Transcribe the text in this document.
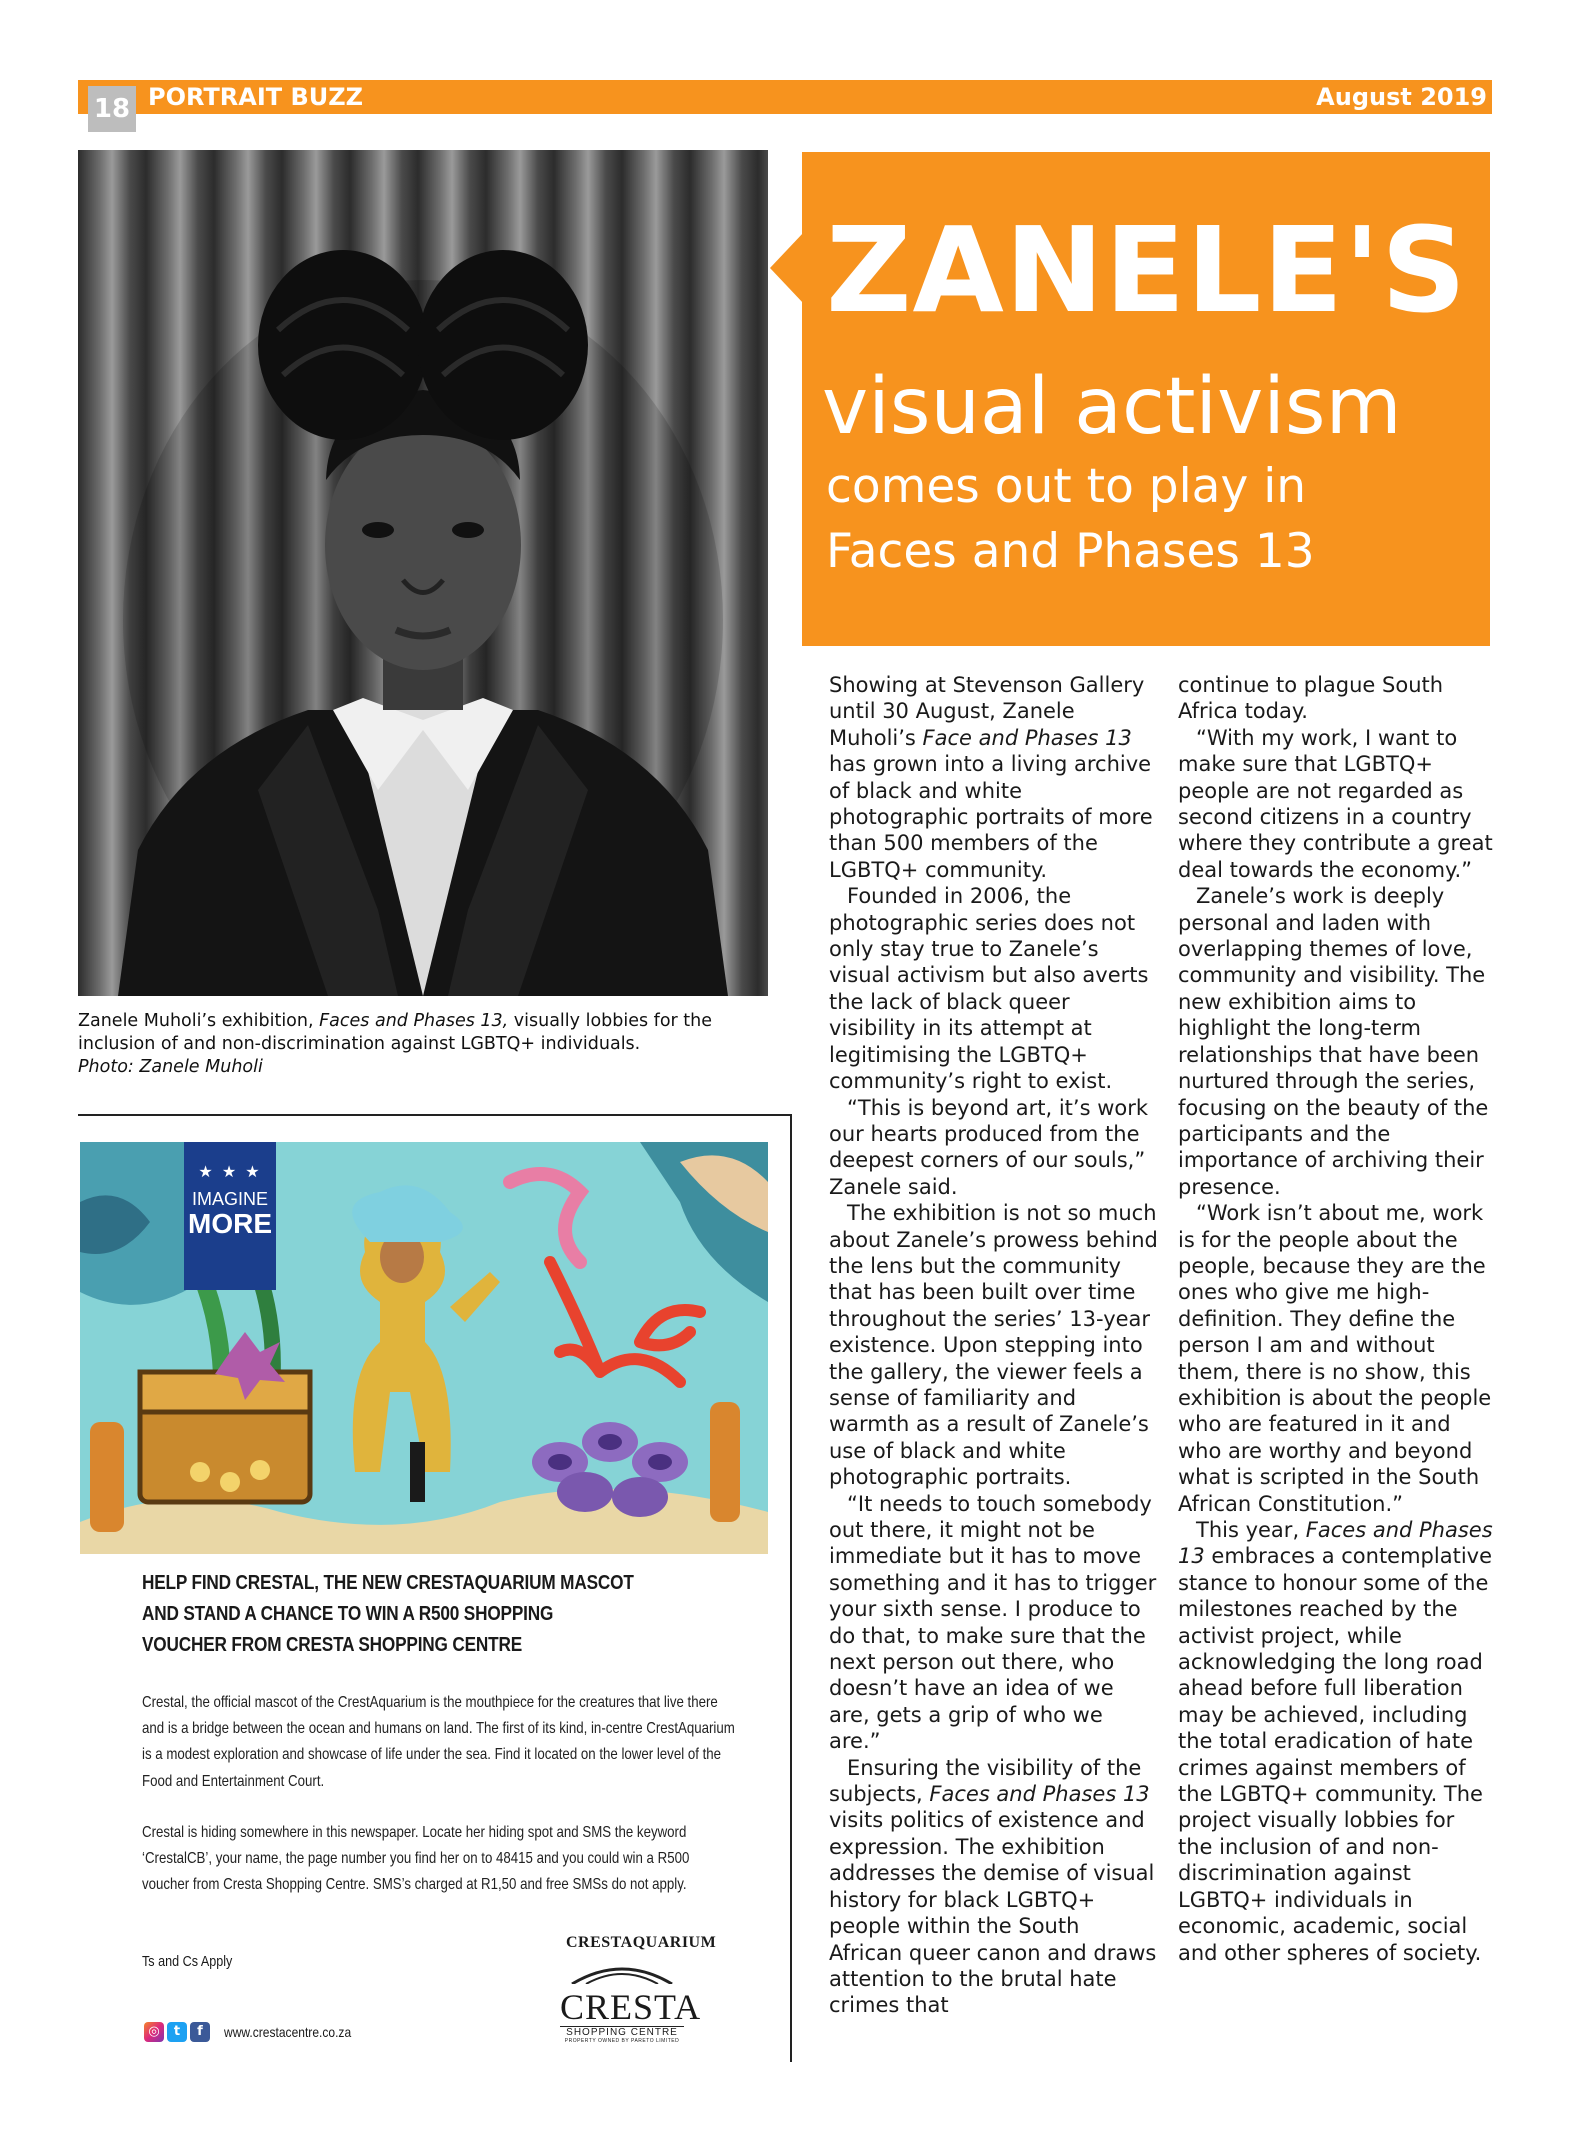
18 PORTRAIT BUZZ	August 2019
Zanele Muholi’s exhibition, Faces and Phases 13, visually lobbies for the inclusion of and non-discrimination against LGBTQ+ individuals.
Photo: Zanele Muholi
ZANELE'S
visual activism
comes out to play in
Faces and Phases 13

Showing at Stevenson Gallery until 30 August, Zanele Muholi’s Face and Phases 13 has grown into a living archive of black and white photographic portraits of more than 500 members of the LGBTQ+ community.

Founded in 2006, the photographic series does not only stay true to Zanele’s visual activism but also averts the lack of black queer visibility in its attempt at legitimising the LGBTQ+ community’s right to exist.

“This is beyond art, it’s work our hearts produced from the deepest corners of our souls,” Zanele said.

The exhibition is not so much about Zanele’s prowess behind the lens but the community that has been built over time throughout the series’ 13-year existence. Upon stepping into the gallery, the viewer feels a sense of familiarity and warmth as a result of Zanele’s use of black and white photographic portraits.

“It needs to touch somebody out there, it might not be immediate but it has to move something and it has to trigger your sixth sense. I produce to do that, to make sure that the next person out there, who doesn’t have an idea of we are, gets a grip of who we are.”

Ensuring the visibility of the subjects, Faces and Phases 13 visits politics of existence and expression. The exhibition addresses the demise of visual history for black LGBTQ+ people within the South African queer canon and draws attention to the brutal hate crimes that

continue to plague South Africa today.

“With my work, I want to make sure that LGBTQ+ people are not regarded as second citizens in a country where they contribute a great deal towards the economy.”

Zanele’s work is deeply personal and laden with overlapping themes of love, community and visibility. The new exhibition aims to highlight the long-term relationships that have been nurtured through the series, focusing on the beauty of the participants and the importance of archiving their presence.

“Work isn’t about me, work is for the people about the people, because they are the ones who give me high-definition. They define the person I am and without them, there is no show, this exhibition is about the people who are featured in it and who are worthy and beyond what is scripted in the South African Constitution.”

This year, Faces and Phases 13 embraces a contemplative stance to honour some of the milestones reached by the activist project, while acknowledging the long road ahead before full liberation may be achieved, including the total eradication of hate crimes against members of the LGBTQ+ community. The project visually lobbies for the inclusion of and non-discrimination against LGBTQ+ individuals in economic, academic, social and other spheres of society.

★ ★ ★
IMAGINE
MORE
HELP FIND CRESTAL, THE NEW CRESTAQUARIUM MASCOT AND STAND A CHANCE TO WIN A R500 SHOPPING VOUCHER FROM CRESTA SHOPPING CENTRE
Crestal, the official mascot of the CrestAquarium is the mouthpiece for the creatures that live there and is a bridge between the ocean and humans on land. The first of its kind, in-centre CrestAquarium is a modest exploration and showcase of life under the sea. Find it located on the lower level of the Food and Entertainment Court.
Crestal is hiding somewhere in this newspaper. Locate her hiding spot and SMS the keyword ‘CrestalCB’, your name, the page number you find her on to 48415 and you could win a R500 voucher from Cresta Shopping Centre. SMS’s charged at R1,50 and free SMSs do not apply.
Ts and Cs Apply
◎	t	f	www.crestacentre.co.za
CRESTAQUARIUM
CRESTA
SHOPPING CENTRE
PROPERTY OWNED BY PARETO LIMITED
